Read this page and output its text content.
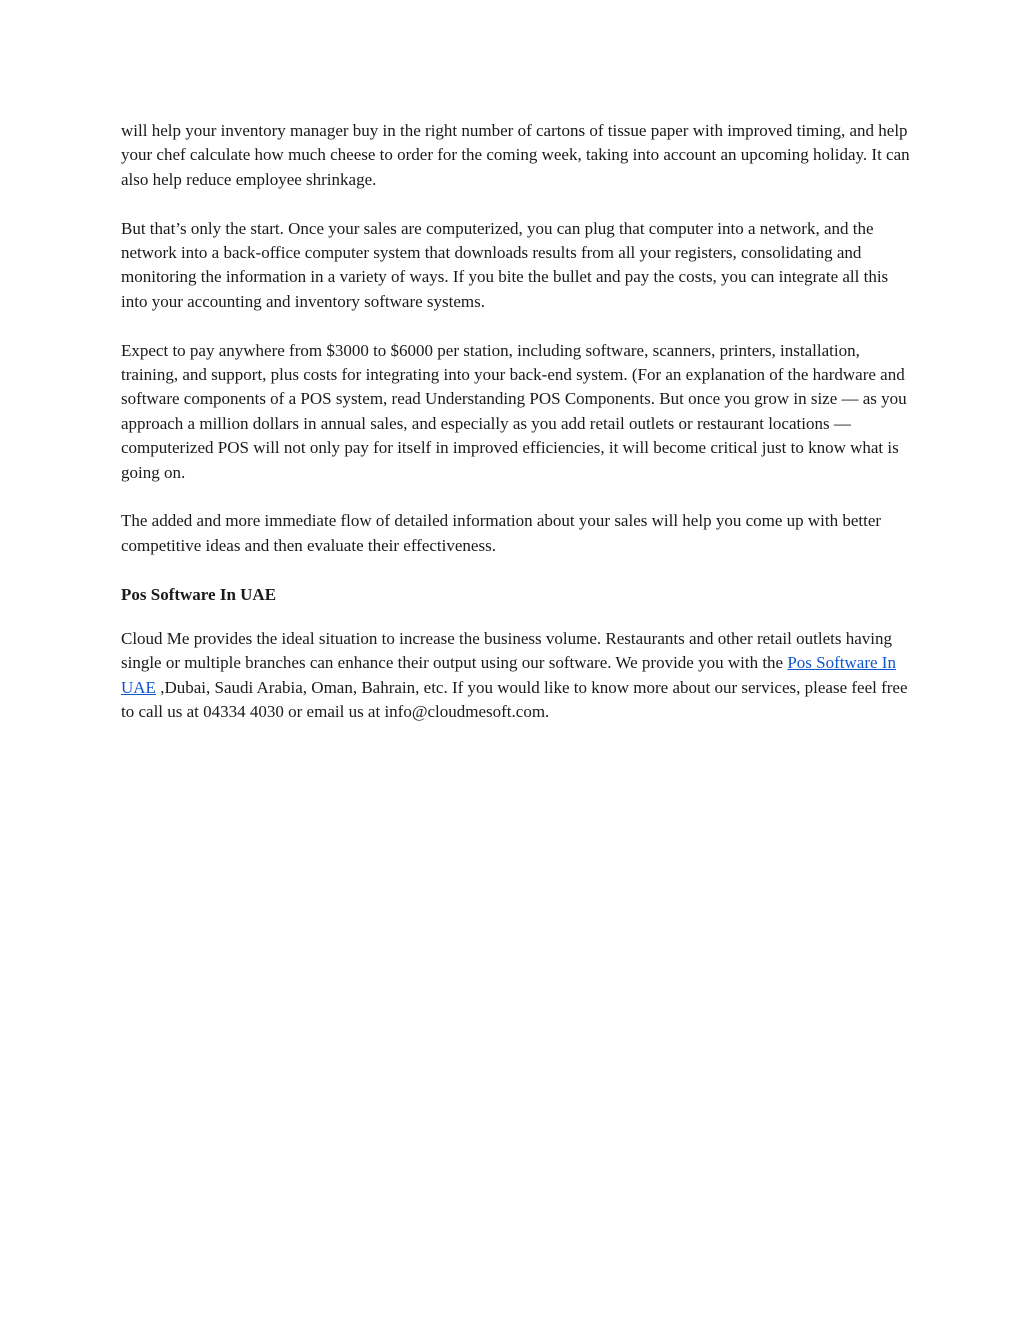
will help your inventory manager buy in the right number of cartons of tissue paper with improved timing, and help your chef calculate how much cheese to order for the coming week, taking into account an upcoming holiday. It can also help reduce employee shrinkage.

But that’s only the start. Once your sales are computerized, you can plug that computer into a network, and the network into a back-office computer system that downloads results from all your registers, consolidating and monitoring the information in a variety of ways. If you bite the bullet and pay the costs, you can integrate all this into your accounting and inventory software systems.

Expect to pay anywhere from $3000 to $6000 per station, including software, scanners, printers, installation, training, and support, plus costs for integrating into your back-end system. (For an explanation of the hardware and software components of a POS system, read Understanding POS Components. But once you grow in size — as you approach a million dollars in annual sales, and especially as you add retail outlets or restaurant locations — computerized POS will not only pay for itself in improved efficiencies, it will become critical just to know what is going on.

The added and more immediate flow of detailed information about your sales will help you come up with better competitive ideas and then evaluate their effectiveness.

Pos Software In UAE

Cloud Me provides the ideal situation to increase the business volume. Restaurants and other retail outlets having single or multiple branches can enhance their output using our software. We provide you with the Pos Software In UAE ,Dubai, Saudi Arabia, Oman, Bahrain, etc. If you would like to know more about our services, please feel free to call us at 04334 4030 or email us at info@cloudmesoft.com.
